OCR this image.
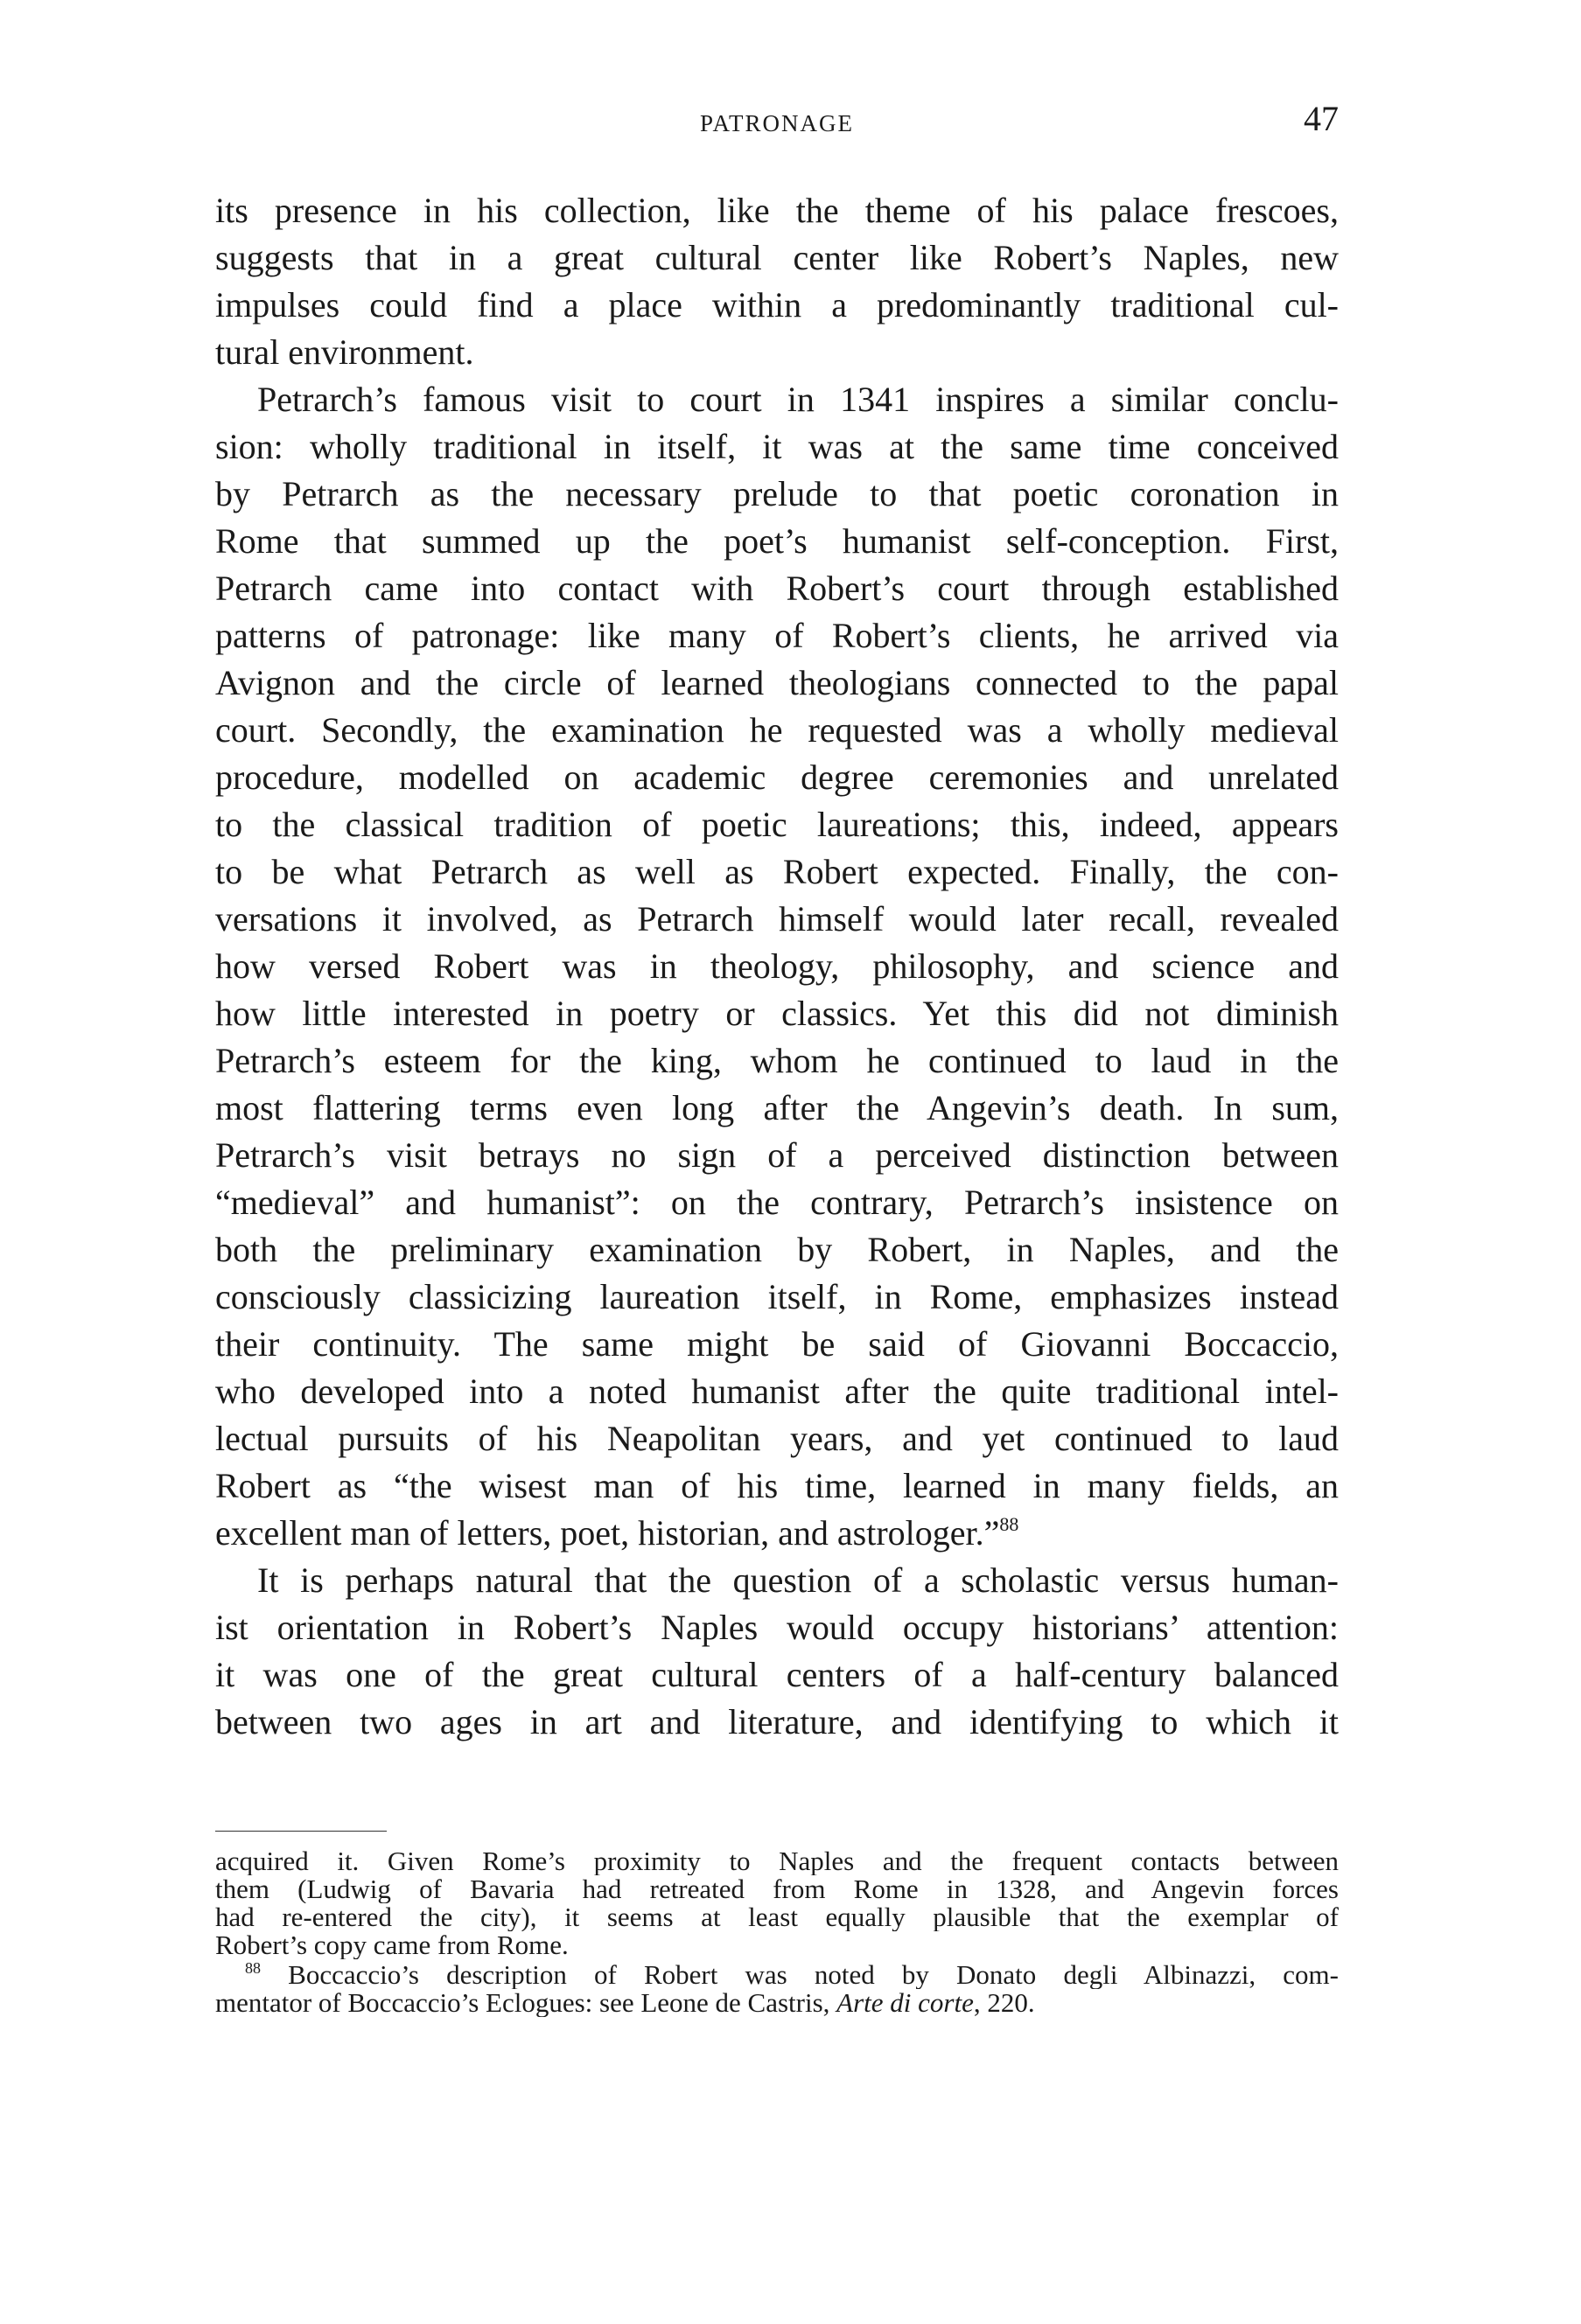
PATRONAGE	47
its presence in his collection, like the theme of his palace frescoes,
suggests that in a great cultural center like Robert’s Naples, new
impulses could find a place within a predominantly traditional cul-
tural environment.
Petrarch’s famous visit to court in 1341 inspires a similar conclu-
sion: wholly traditional in itself, it was at the same time conceived
by Petrarch as the necessary prelude to that poetic coronation in
Rome that summed up the poet’s humanist self-conception. First,
Petrarch came into contact with Robert’s court through established
patterns of patronage: like many of Robert’s clients, he arrived via
Avignon and the circle of learned theologians connected to the papal
court. Secondly, the examination he requested was a wholly medieval
procedure, modelled on academic degree ceremonies and unrelated
to the classical tradition of poetic laureations; this, indeed, appears
to be what Petrarch as well as Robert expected. Finally, the con-
versations it involved, as Petrarch himself would later recall, revealed
how versed Robert was in theology, philosophy, and science and
how little interested in poetry or classics. Yet this did not diminish
Petrarch’s esteem for the king, whom he continued to laud in the
most flattering terms even long after the Angevin’s death. In sum,
Petrarch’s visit betrays no sign of a perceived distinction between
“medieval” and humanist”: on the contrary, Petrarch’s insistence on
both the preliminary examination by Robert, in Naples, and the
consciously classicizing laureation itself, in Rome, emphasizes instead
their continuity. The same might be said of Giovanni Boccaccio,
who developed into a noted humanist after the quite traditional intel-
lectual pursuits of his Neapolitan years, and yet continued to laud
Robert as “the wisest man of his time, learned in many fields, an
excellent man of letters, poet, historian, and astrologer.”$^{88}$
It is perhaps natural that the question of a scholastic versus human-
ist orientation in Robert’s Naples would occupy historians’ attention:
it was one of the great cultural centers of a half-century balanced
between two ages in art and literature, and identifying to which it
acquired it. Given Rome’s proximity to Naples and the frequent contacts between
them (Ludwig of Bavaria had retreated from Rome in 1328, and Angevin forces
had re-entered the city), it seems at least equally plausible that the exemplar of
Robert’s copy came from Rome.
$^{88}$ Boccaccio’s description of Robert was noted by Donato degli Albinazzi, com-
mentator of Boccaccio’s Eclogues: see Leone de Castris, Arte di corte, 220.
